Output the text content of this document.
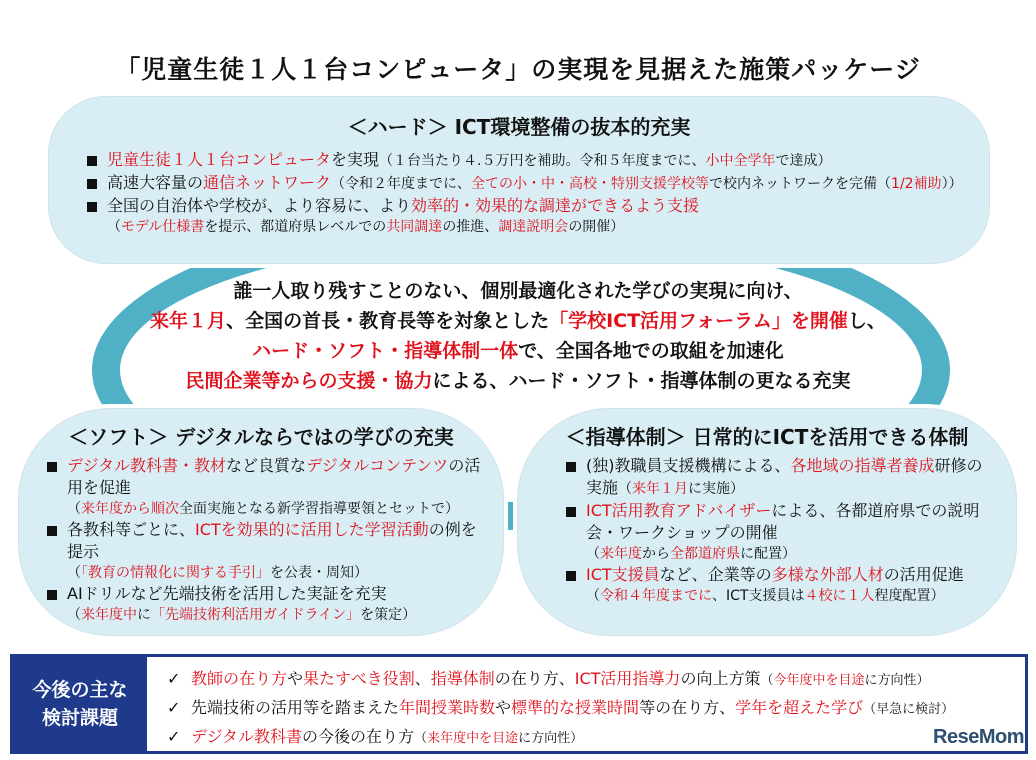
「児童生徒１人１台コンピュータ」の実現を見据えた施策パッケージ
＜ハード＞ ICT環境整備の抜本的充実
児童生徒１人１台コンピュータを実現（１台当たり４.５万円を補助。令和５年度までに、小中全学年で達成）
高速大容量の通信ネットワーク（令和２年度までに、全ての小・中・高校・特別支援学校等で校内ネットワークを完備（1/2補助））
全国の自治体や学校が、より容易に、より効率的・効果的な調達ができるよう支援
（モデル仕様書を提示、都道府県レベルでの共同調達の推進、調達説明会の開催）
誰一人取り残すことのない、個別最適化された学びの実現に向け、
来年１月、全国の首長・教育長等を対象とした「学校ICT活用フォーラム」を開催し、
ハード・ソフト・指導体制一体で、全国各地での取組を加速化
民間企業等からの支援・協力による、ハード・ソフト・指導体制の更なる充実
＜ソフト＞ デジタルならではの学びの充実
デジタル教科書・教材など良質なデジタルコンテンツの活用を促進
（来年度から順次全面実施となる新学習指導要領とセットで）
各教科等ごとに、ICTを効果的に活用した学習活動の例を提示
（「教育の情報化に関する手引」を公表・周知）
AIドリルなど先端技術を活用した実証を充実
（来年度中に「先端技術利活用ガイドライン」を策定）
＜指導体制＞ 日常的にICTを活用できる体制
(独)教職員支援機構による、各地域の指導者養成研修の実施（来年１月に実施）
ICT活用教育アドバイザーによる、各都道府県での説明会・ワークショップの開催
（来年度から全都道府県に配置）
ICT支援員など、企業等の多様な外部人材の活用促進
（令和４年度までに、ICT支援員は４校に１人程度配置）
今後の主な
検討課題
✓ 教師の在り方や果たすべき役割、指導体制の在り方、ICT活用指導力の向上方策（今年度中を目途に方向性）
✓ 先端技術の活用等を踏まえた年間授業時数や標準的な授業時間等の在り方、学年を超えた学び（早急に検討）
✓ デジタル教科書の今後の在り方（来年度中を目途に方向性）	ReseMom
